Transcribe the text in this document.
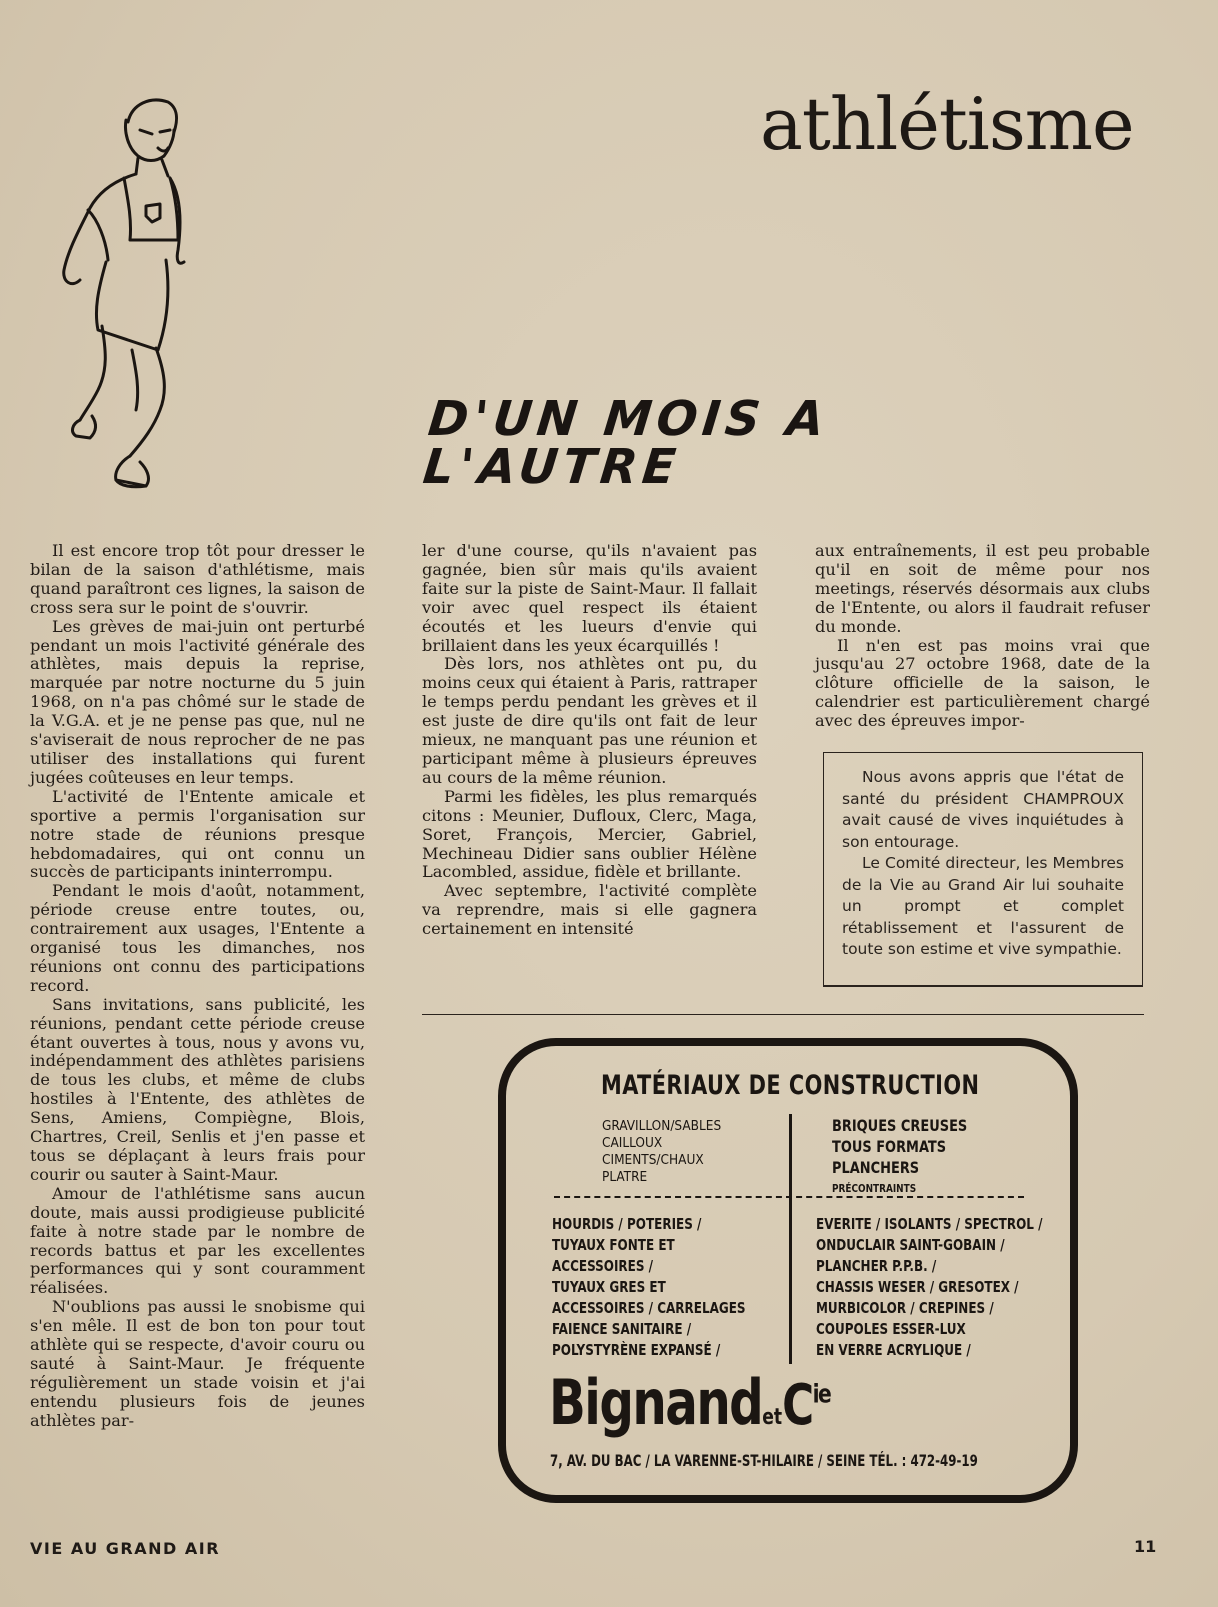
athlétisme
D'UN MOIS A L'AUTRE

Il est encore trop tôt pour dresser le bilan de la saison d'athlétisme, mais quand paraîtront ces lignes, la saison de cross sera sur le point de s'ouvrir.

Les grèves de mai-juin ont perturbé pendant un mois l'activité générale des athlètes, mais depuis la reprise, marquée par notre nocturne du 5 juin 1968, on n'a pas chômé sur le stade de la V.G.A. et je ne pense pas que, nul ne s'aviserait de nous reprocher de ne pas utiliser des installations qui furent jugées coûteuses en leur temps.

L'activité de l'Entente amicale et sportive a permis l'organisation sur notre stade de réunions presque hebdomadaires, qui ont connu un succès de participants ininterrompu.

Pendant le mois d'août, notamment, période creuse entre toutes, ou, contrairement aux usages, l'Entente a organisé tous les dimanches, nos réunions ont connu des participations record.

Sans invitations, sans publicité, les réunions, pendant cette période creuse étant ouvertes à tous, nous y avons vu, indépendamment des athlètes parisiens de tous les clubs, et même de clubs hostiles à l'Entente, des athlètes de Sens, Amiens, Compiègne, Blois, Chartres, Creil, Senlis et j'en passe et tous se déplaçant à leurs frais pour courir ou sauter à Saint-Maur.

Amour de l'athlétisme sans aucun doute, mais aussi prodigieuse publicité faite à notre stade par le nombre de records battus et par les excellentes performances qui y sont couramment réalisées.

N'oublions pas aussi le snobisme qui s'en mêle. Il est de bon ton pour tout athlète qui se respecte, d'avoir couru ou sauté à Saint-Maur. Je fréquente régulièrement un stade voisin et j'ai entendu plusieurs fois de jeunes athlètes par-

ler d'une course, qu'ils n'avaient pas gagnée, bien sûr mais qu'ils avaient faite sur la piste de Saint-Maur. Il fallait voir avec quel respect ils étaient écoutés et les lueurs d'envie qui brillaient dans les yeux écarquillés !

Dès lors, nos athlètes ont pu, du moins ceux qui étaient à Paris, rattraper le temps perdu pendant les grèves et il est juste de dire qu'ils ont fait de leur mieux, ne manquant pas une réunion et participant même à plusieurs épreuves au cours de la même réunion.

Parmi les fidèles, les plus remarqués citons : Meunier, Dufloux, Clerc, Maga, Soret, François, Mercier, Gabriel, Mechineau Didier sans oublier Hélène Lacombled, assidue, fidèle et brillante.

Avec septembre, l'activité complète va reprendre, mais si elle gagnera certainement en intensité

aux entraînements, il est peu probable qu'il en soit de même pour nos meetings, réservés désormais aux clubs de l'Entente, ou alors il faudrait refuser du monde.

Il n'en est pas moins vrai que jusqu'au 27 octobre 1968, date de la clôture officielle de la saison, le calendrier est particulièrement chargé avec des épreuves impor-

Nous avons appris que l'état de santé du président CHAMPROUX avait causé de vives inquiétudes à son entourage.

Le Comité directeur, les Membres de la Vie au Grand Air lui souhaite un prompt et complet rétablissement et l'assurent de toute son estime et vive sympathie.

MATÉRIAUX DE CONSTRUCTION
GRAVILLON/SABLES
CAILLOUX
CIMENTS/CHAUX
PLATRE
BRIQUES CREUSES
TOUS FORMATS
PLANCHERS
PRÉCONTRAINTS
HOURDIS / POTERIES /
TUYAUX FONTE ET
ACCESSOIRES /
TUYAUX GRES ET
ACCESSOIRES / CARRELAGES
FAIENCE SANITAIRE /
POLYSTYRÈNE EXPANSÉ /
EVERITE / ISOLANTS / SPECTROL /
ONDUCLAIR SAINT-GOBAIN /
PLANCHER P.P.B. /
CHASSIS WESER / GRESOTEX /
MURBICOLOR / CREPINES /
COUPOLES ESSER-LUX
EN VERRE ACRYLIQUE /
BignandetC$^{ie}$
7, AV. DU BAC / LA VARENNE-ST-HILAIRE / SEINE TÉL. : 472-49-19
VIE AU GRAND AIR	11
